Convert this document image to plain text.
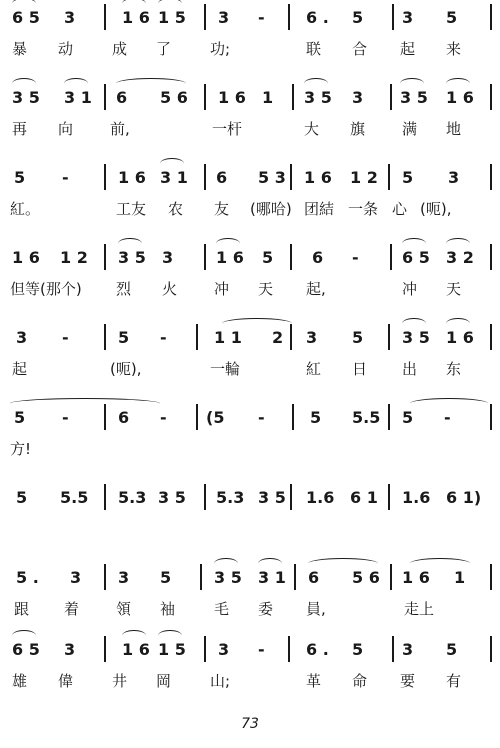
6 5 3	1 6 1 5 3 -	6 . 5 3 5
暴 动	成 了	功;	联 合 起 来
3 5 3 1 6 5 6 1 6 1 3 5 3 3 5 1 6
再 向 前,	一杆	大 旗 满 地
5 -	1 6 3 1 6 5 3 1 6 1 2 5 3
紅。	工友 农 友 (哪哈) 团結 一条 心 (呃),
1 6 1 2 3 5 3	1 6 5 6 -	6 5 3 2
但等(那个) 烈 火 冲 天 起,	冲 天
3 -	5 -	1 1 2 3 5 3 5 1 6
起	(呃),	一輪	紅 日 出 东
5 -	6 - (5 -	5 5.5 5 -
方!
5 5.5 5.3 3 5 5.3 3 5 1.6 6 1 1.6 6 1)
5 . 3 3 5	3 5 3 1 6 5 6 1 6 1
跟 着 領 袖	毛 委 員,	走上
6 5 3	1 6 1 5 3 -	6 . 5 3 5
雄 偉	井 岡	山;	革 命 要 有
73
